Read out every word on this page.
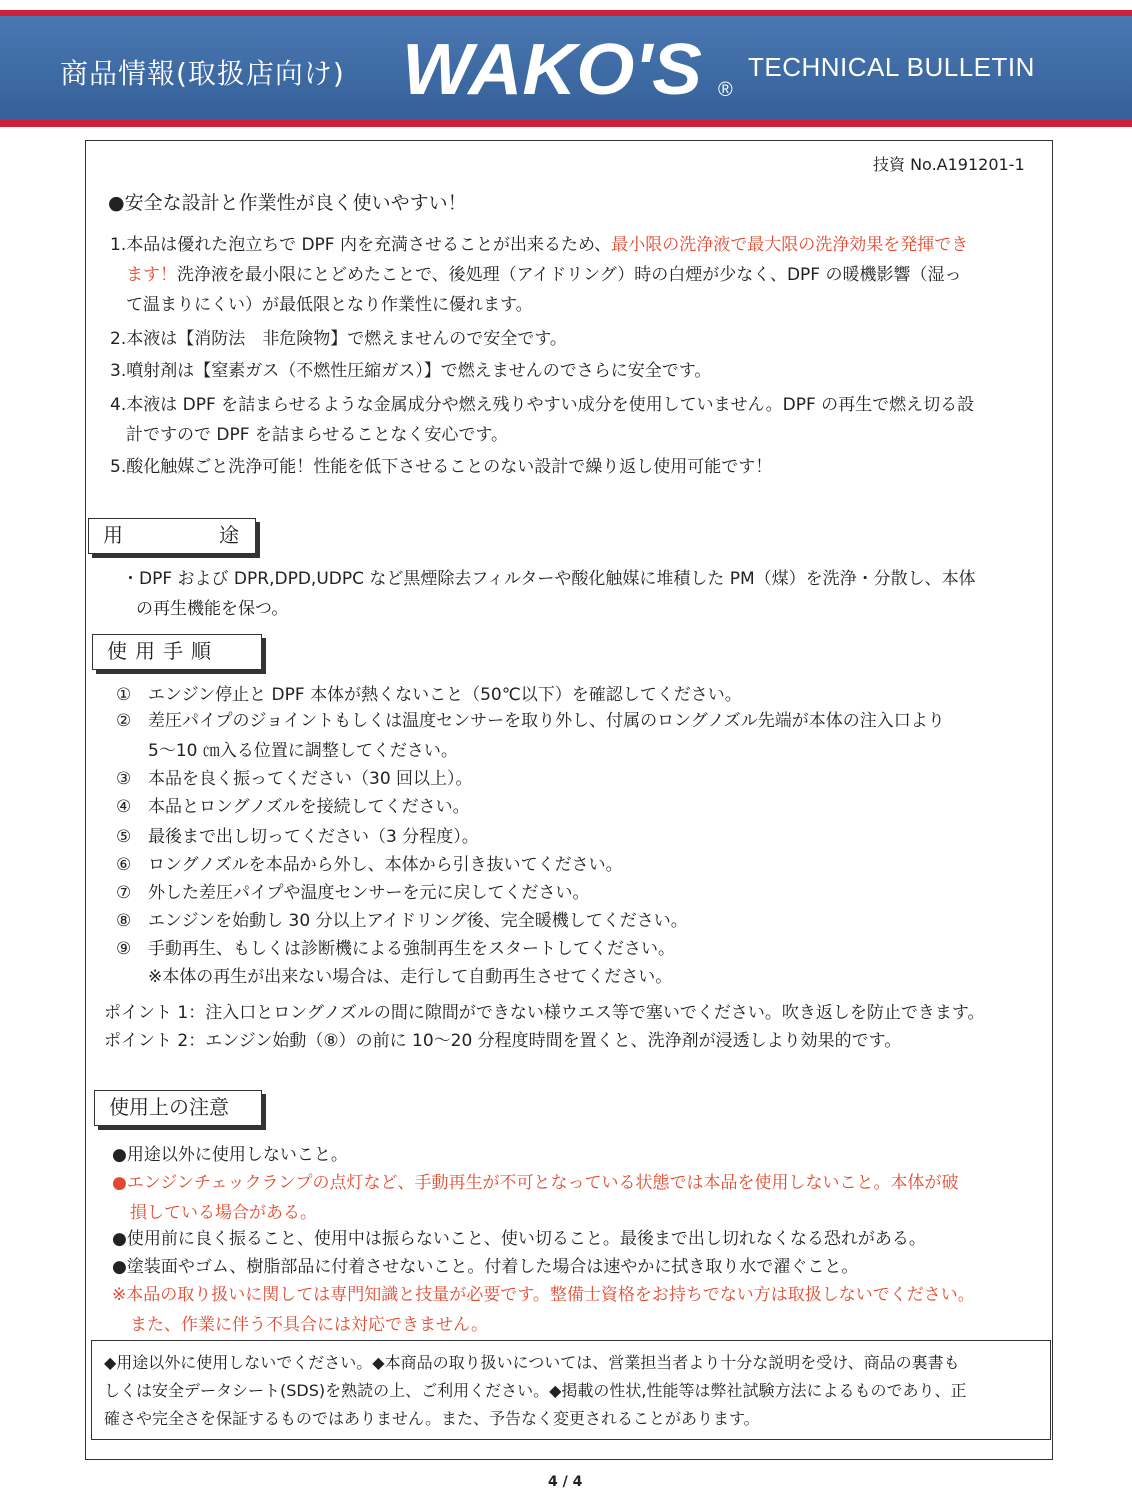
商品情報(取扱店向け) WAKO'S ®
TECHNICAL BULLETIN
技資 No.A191201-1
●安全な設計と作業性が良く使いやすい！
1.本品は優れた泡立ちで DPF 内を充満させることが出来るため、最小限の洗浄液で最大限の洗浄効果を発揮でき
ます！洗浄液を最小限にとどめたことで、後処理（アイドリング）時の白煙が少なく、DPF の暖機影響（湿っ
て温まりにくい）が最低限となり作業性に優れます。
2.本液は【消防法　非危険物】で燃えませんので安全です。
3.噴射剤は【窒素ガス（不燃性圧縮ガス）】で燃えませんのでさらに安全です。
4.本液は DPF を詰まらせるような金属成分や燃え残りやすい成分を使用していません。DPF の再生で燃え切る設
計ですので DPF を詰まらせることなく安心です。
5.酸化触媒ごと洗浄可能！性能を低下させることのない設計で繰り返し使用可能です！
用	途
・DPF および DPR,DPD,UDPC など黒煙除去フィルターや酸化触媒に堆積した PM（煤）を洗浄・分散し、本体
の再生機能を保つ。
使用手順
① エンジン停止と DPF 本体が熱くないこと（50℃以下）を確認してください。
② 差圧パイプのジョイントもしくは温度センサーを取り外し、付属のロングノズル先端が本体の注入口より
5～10 ㎝入る位置に調整してください。
③ 本品を良く振ってください（30 回以上）。
④ 本品とロングノズルを接続してください。
⑤ 最後まで出し切ってください（3 分程度）。
⑥ ロングノズルを本品から外し、本体から引き抜いてください。
⑦ 外した差圧パイプや温度センサーを元に戻してください。
⑧ エンジンを始動し 30 分以上アイドリング後、完全暖機してください。
⑨ 手動再生、もしくは診断機による強制再生をスタートしてください。
※本体の再生が出来ない場合は、走行して自動再生させてください。
ポイント 1：注入口とロングノズルの間に隙間ができない様ウエス等で塞いでください。吹き返しを防止できます。
ポイント 2：エンジン始動（⑧）の前に 10～20 分程度時間を置くと、洗浄剤が浸透しより効果的です。
使用上の注意
●用途以外に使用しないこと。
●エンジンチェックランプの点灯など、手動再生が不可となっている状態では本品を使用しないこと。本体が破
損している場合がある。
●使用前に良く振ること、使用中は振らないこと、使い切ること。最後まで出し切れなくなる恐れがある。
●塗装面やゴム、樹脂部品に付着させないこと。付着した場合は速やかに拭き取り水で濯ぐこと。
※本品の取り扱いに関しては専門知識と技量が必要です。整備士資格をお持ちでない方は取扱しないでください。
また、作業に伴う不具合には対応できません。
◆用途以外に使用しないでください。◆本商品の取り扱いについては、営業担当者より十分な説明を受け、商品の裏書も
しくは安全データシート(SDS)を熟読の上、ご利用ください。◆掲載の性状,性能等は弊社試験方法によるものであり、正
確さや完全さを保証するものではありません。また、予告なく変更されることがあります。
4 / 4
